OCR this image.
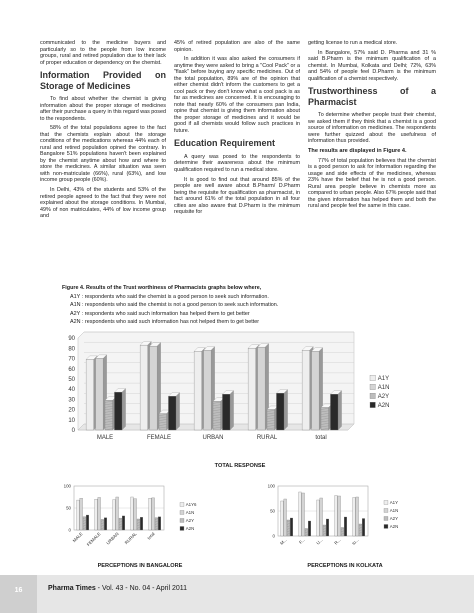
communicated to the medicine buyers and particularly so to the people from low income groups, rural and retired population due to their lack of proper education or dependency on the chemist.

Information Provided on Storage of Medicines

To find about whether the chemist is giving information about the proper storage of medicines after their purchase a query in this regard was posed to the respondents.

58% of the total populations agree to the fact that the chemists explain about the storage conditions of the medications whereas 44% each of rural and retired population opined the contrary. In Bangalore 51% populations haven't been explained by the chemist anytime about how and where to store the medicines. A similar situation was seen with non-matriculate (66%), rural (63%), and low income group people (60%).

In Delhi, 43% of the students and 53% of the retired people agreed to the fact that they were not explained about the storage conditions. In Mumbai, 49% of non matriculates, 44% of low income group and

45% of retired population are also of the same opinion.

In addition it was also asked the consumers if anytime they were asked to bring a "Cool Pack" or a "flask" before buying any specific medicines. Out of the total population, 89% are of the opinion that either chemist didn't inform the customers to get a cool pack or they don't know what a cool pack is as far as medicines are concerned. It is encouraging to note that nearly 60% of the consumers pan India, opine that chemist is giving them information about the proper storage of medicines and it would be good if all chemists would follow such practices in future.

Education Requirement

A query was posed to the respondents to determine their awareness about the minimum qualification required to run a medical store.

It is good to find out that around 85% of the people are well aware about B.Pharm/ D.Pharm being the requisite for qualification as pharmacist, in fact around 61% of the total population in all four cities are also aware that D.Pharm is the minimum requisite for

getting license to run a medical store.

In Bangalore, 57% said D. Pharma and 31 % said B.Pharm is the minimum qualification of a chemist. In Mumbai, Kolkata and Delhi; 72%, 63% and 54% of people feel D.Pharm is the minimum qualification of a chemist respectively.

Trustworthiness of a Pharmacist

To determine whether people trust their chemist, we asked them if they think that a chemist is a good source of information on medicines. The respondents were further quizzed about the usefulness of information thus provided.

The results are displayed in Figure 4.

77% of total population believes that the chemist is a good person to ask for information regarding the usage and side effects of the medicines, whereas 23% have the belief that he is not a good person. Rural area people believe in chemists more as compared to urban people. Also 67% people said that the given information has helped them and both the rural and people feel the same in this case.

Figure 4. Results of the Trust worthiness of Pharmacists graphs below where,
A1Y : respondents who said the chemist is a good person to seek such information.
A1N : respondents who said the chemist is not a good person to seek such information.
A2Y : respondents who said such information has helped them to get better
A2N : respondents who said such information has not helped them to get better
0
10
20
30
40
50
60
70
80
90
MALE	FEMALE	URBAN	RURAL	total
A1Y
A1N
A2Y
A2N
TOTAL RESPONSE
0
50
100
MALE FEMALE URBAN RURAL total
A1Y6
A1N
A2Y
A2N
PERCEPTIONS IN BANGALORE
0
50
100
M... F... U... R... to...
A1Y
A1N
A2Y
A2N
PERCEPTIONS IN KOLKATA
16	Pharma Times - Vol. 43 - No. 04 - April 2011
